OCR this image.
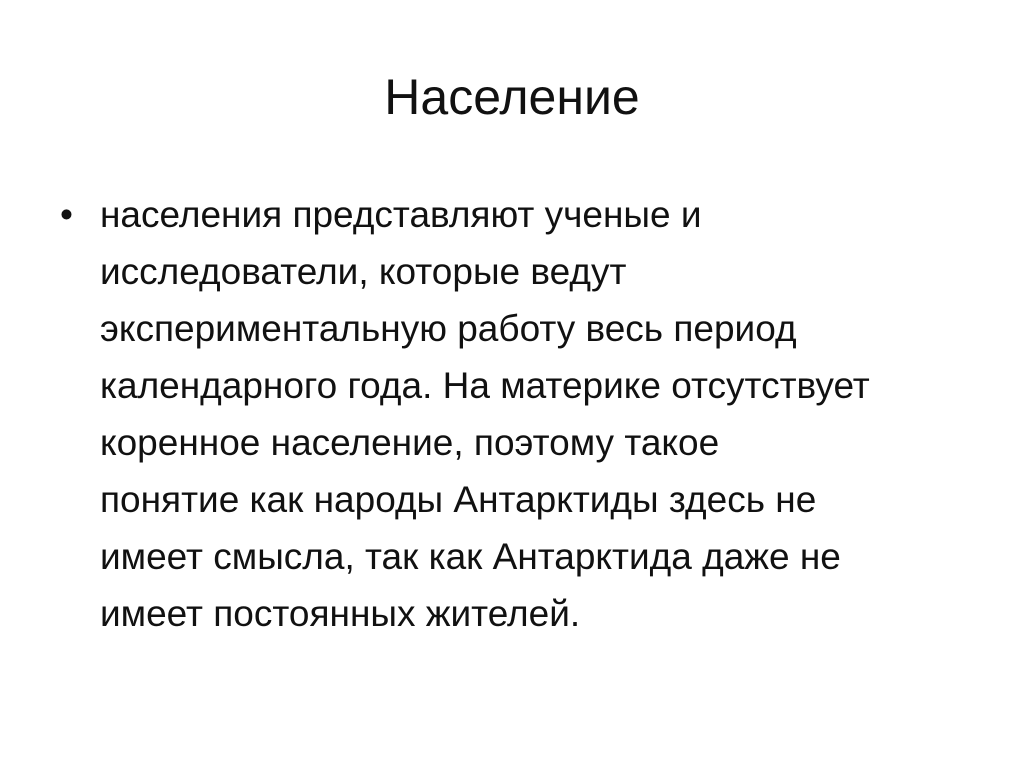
Население
• населения представляют ученые и
исследователи, которые ведут
экспериментальную работу весь период
календарного года. На материке отсутствует
коренное население, поэтому такое
понятие как народы Антарктиды здесь не
имеет смысла, так как Антарктида даже не
имеет постоянных жителей.
